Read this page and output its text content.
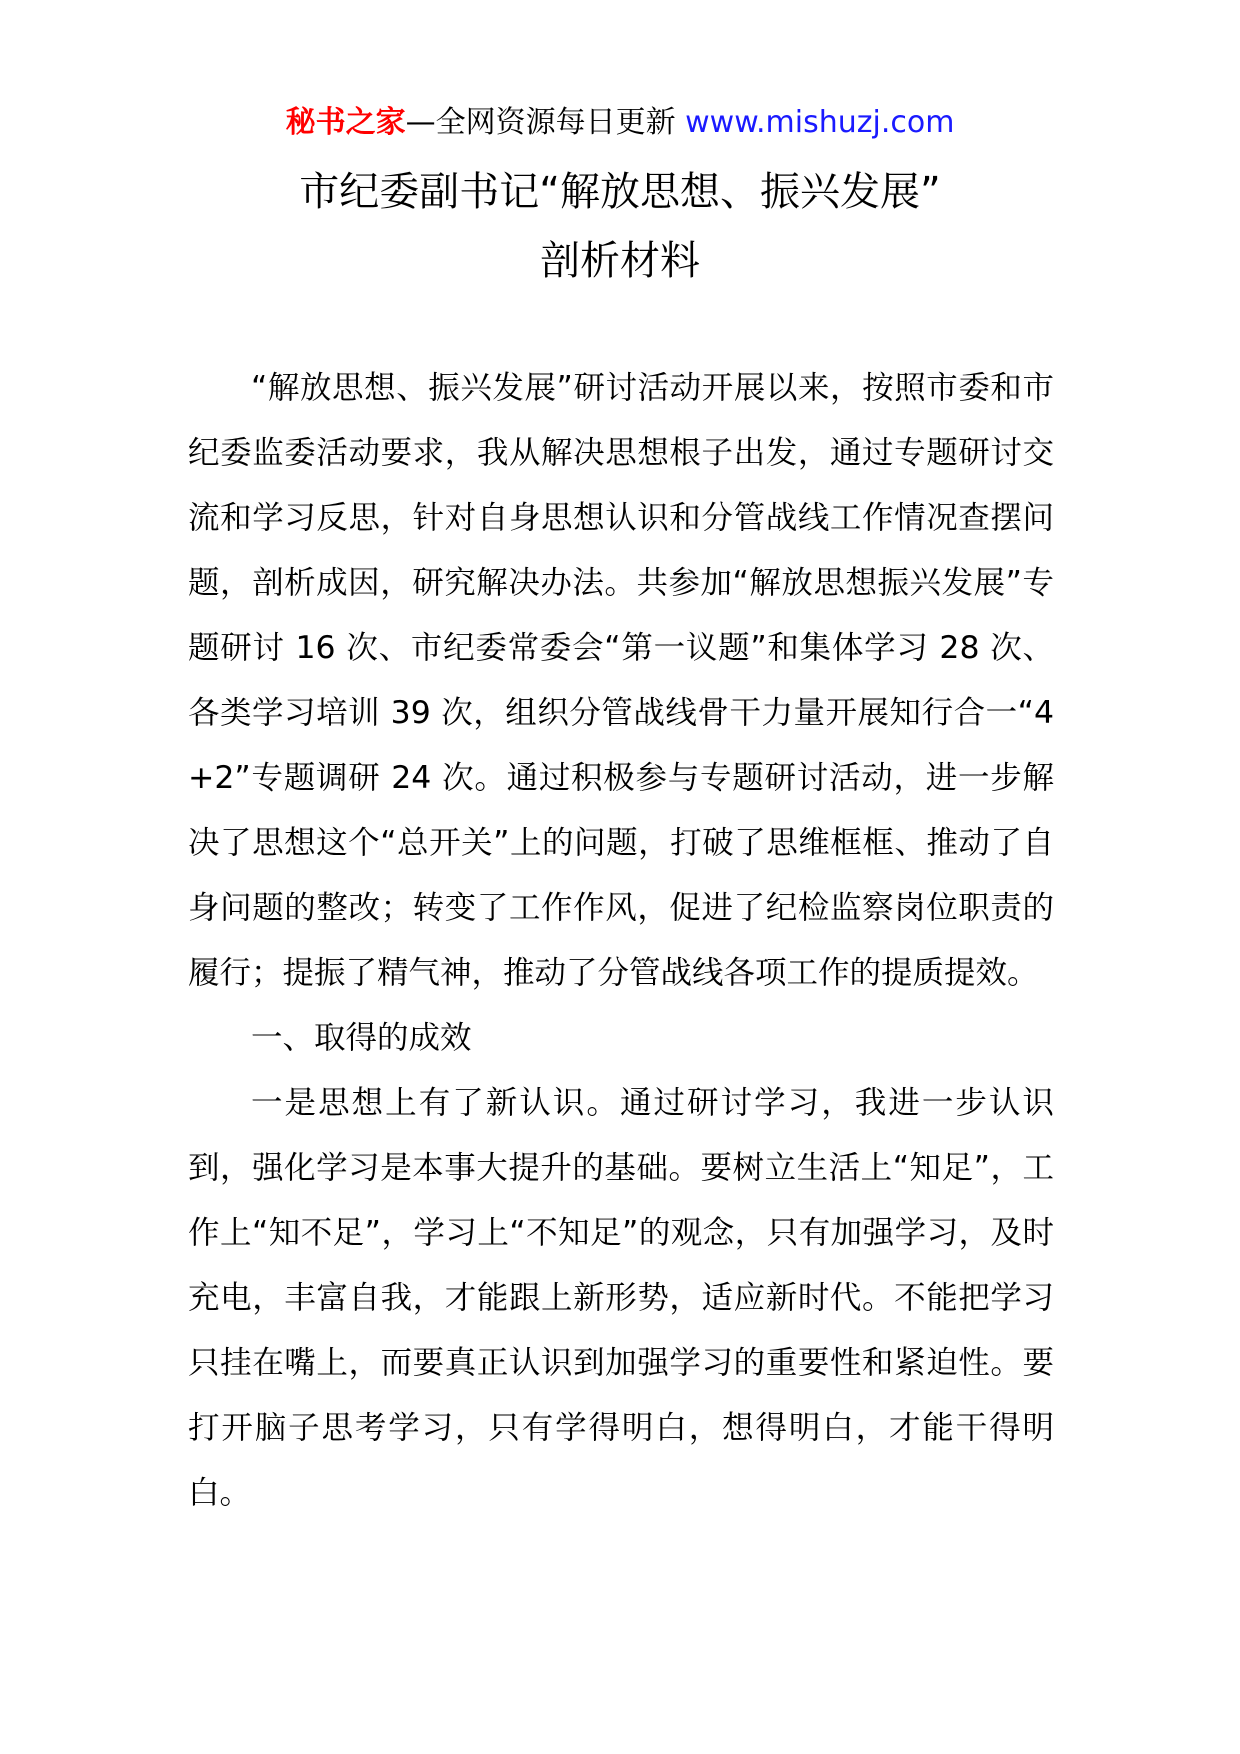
秘书之家—全网资源每日更新 www.mishuzj.com
市纪委副书记“解放思想、振兴发展”
剖析材料

“解放思想、振兴发展”研讨活动开展以来，按照市委和市纪委监委活动要求，我从解决思想根子出发，通过专题研讨交流和学习反思，针对自身思想认识和分管战线工作情况查摆问题，剖析成因，研究解决办法。共参加“解放思想振兴发展”专题研讨 16 次、市纪委常委会“第一议题”和集体学习 28 次、各类学习培训 39 次，组织分管战线骨干力量开展知行合一“4+2”专题调研 24 次。通过积极参与专题研讨活动，进一步解决了思想这个“总开关”上的问题，打破了思维框框、推动了自身问题的整改；转变了工作作风，促进了纪检监察岗位职责的履行；提振了精气神，推动了分管战线各项工作的提质提效。

一、取得的成效

一是思想上有了新认识。通过研讨学习，我进一步认识到，强化学习是本事大提升的基础。要树立生活上“知足”，工作上“知不足”，学习上“不知足”的观念，只有加强学习，及时充电，丰富自我，才能跟上新形势，适应新时代。不能把学习只挂在嘴上，而要真正认识到加强学习的重要性和紧迫性。要打开脑子思考学习，只有学得明白，想得明白，才能干得明白。
